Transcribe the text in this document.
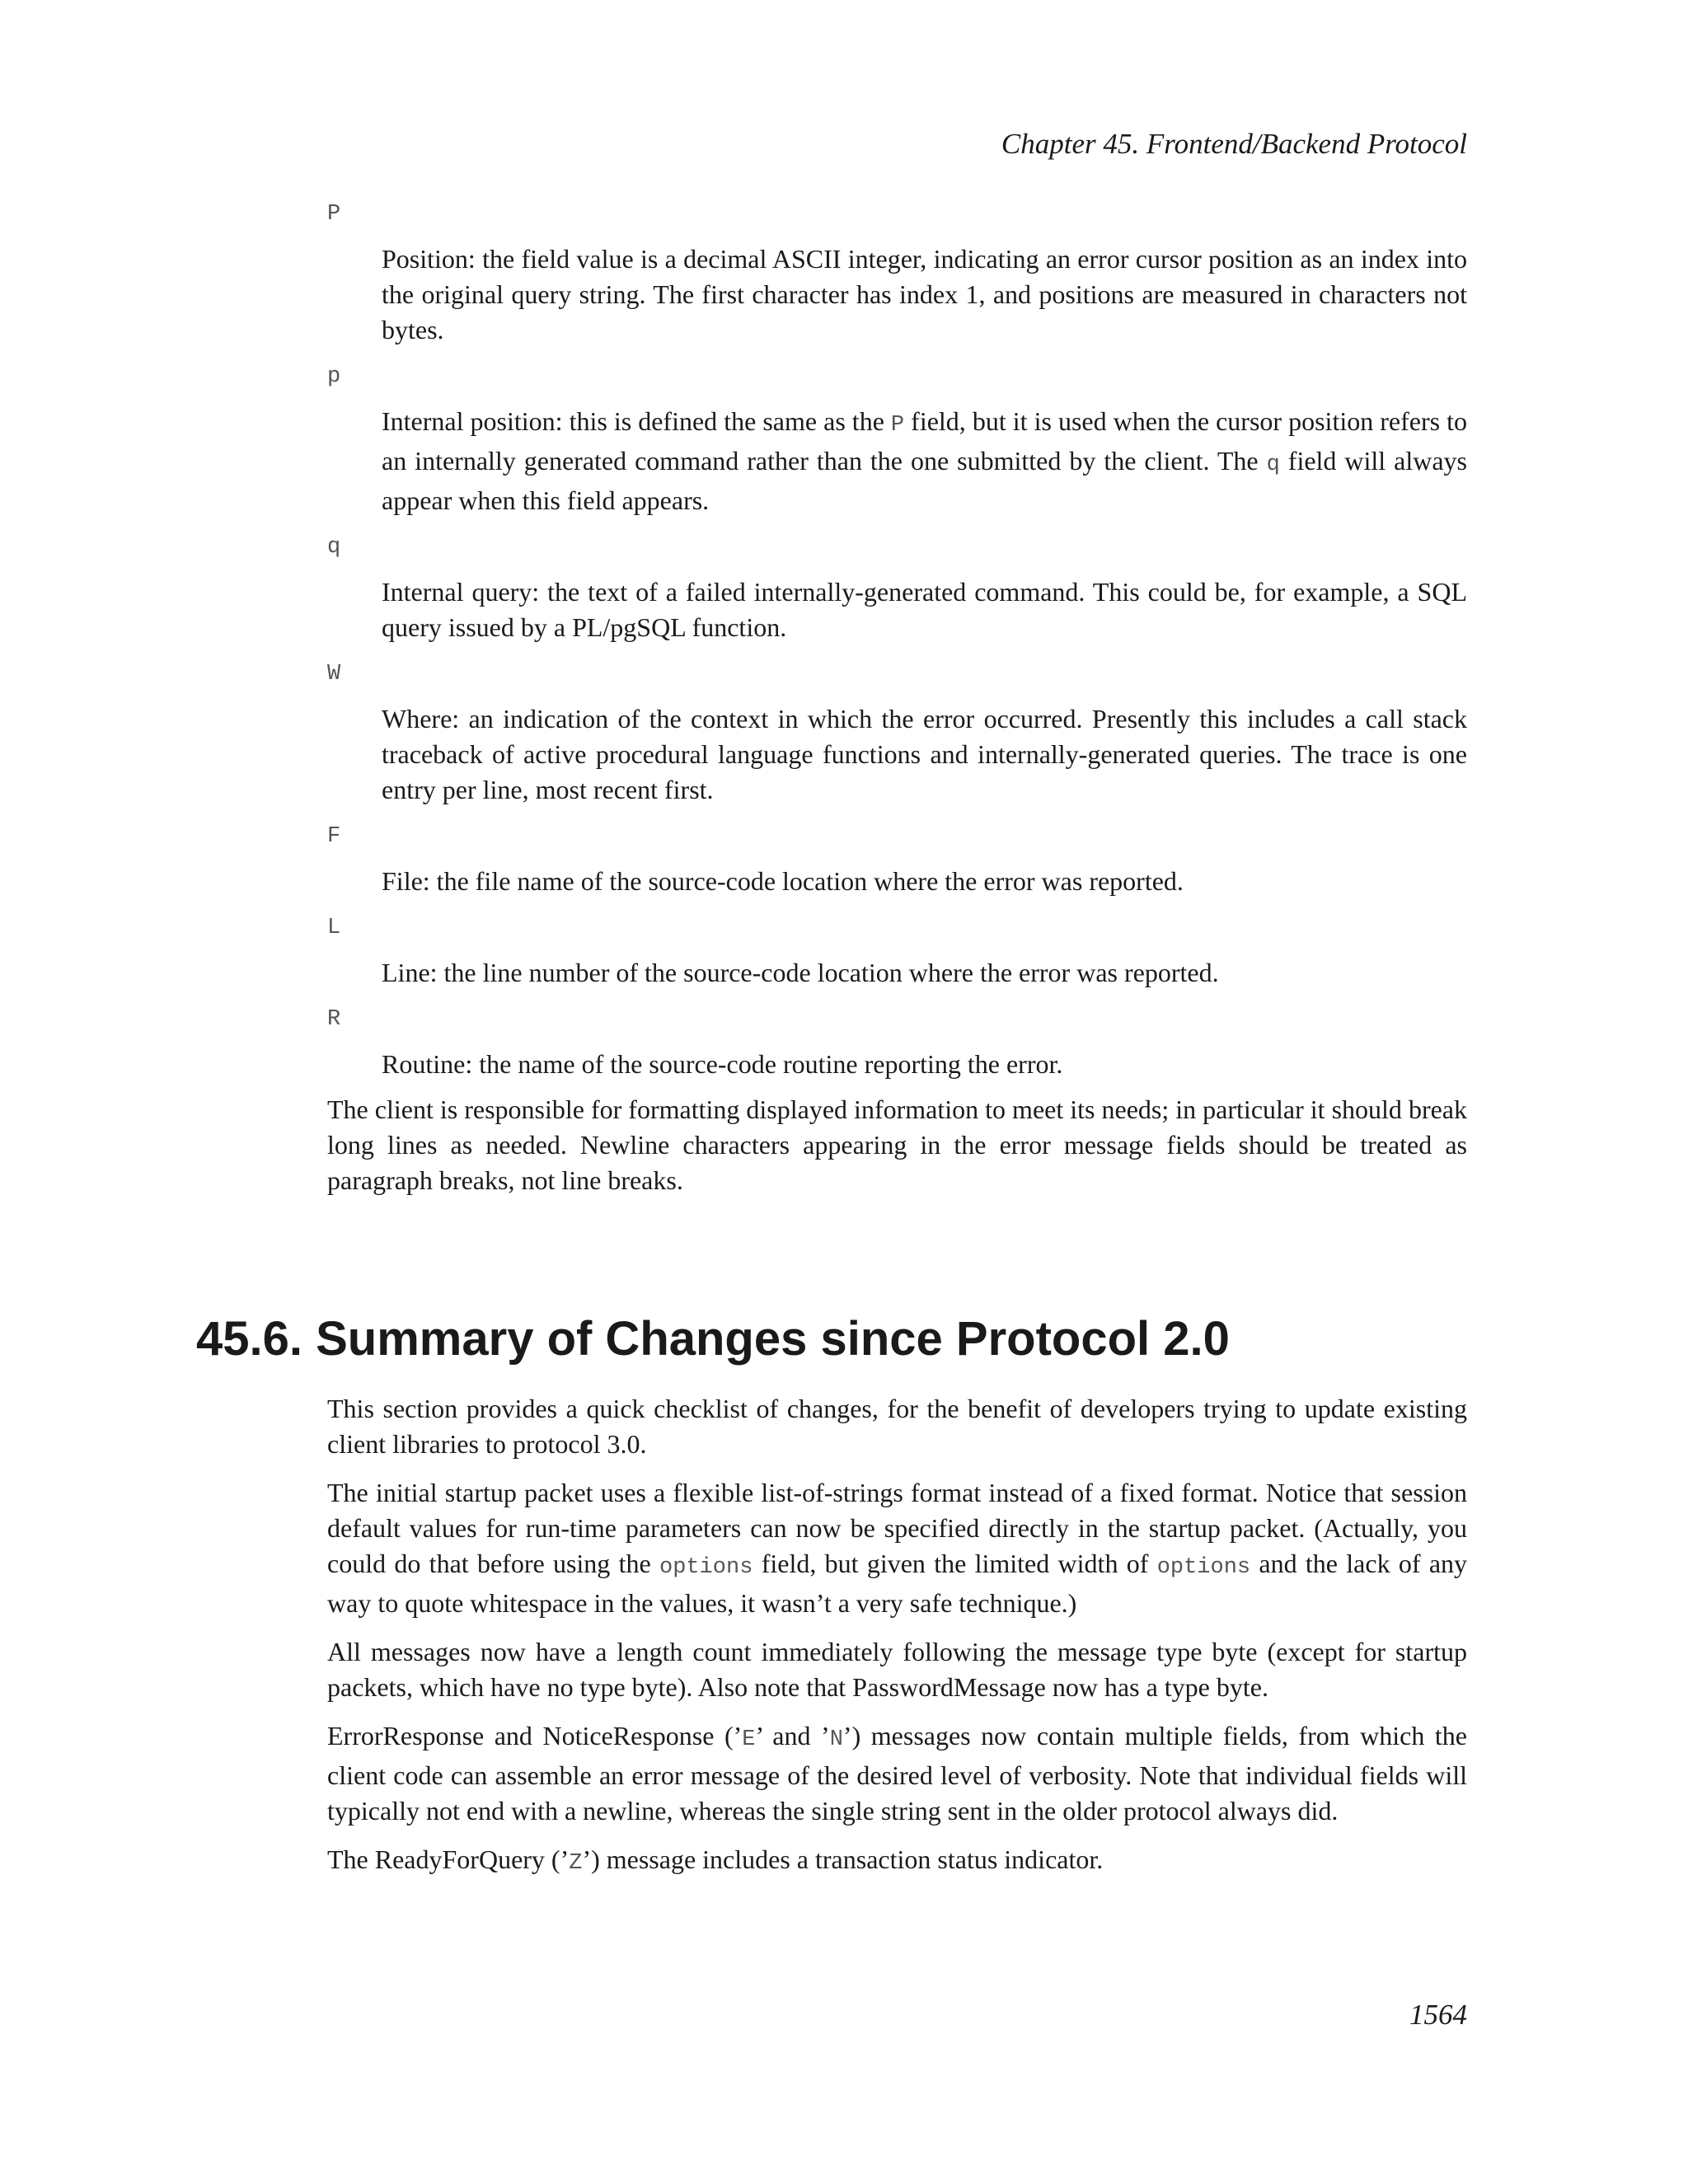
Chapter 45. Frontend/Backend Protocol
P

Position: the field value is a decimal ASCII integer, indicating an error cursor position as an index into the original query string. The first character has index 1, and positions are measured in characters not bytes.

p

Internal position: this is defined the same as the P field, but it is used when the cursor position refers to an internally generated command rather than the one submitted by the client. The q field will always appear when this field appears.

q

Internal query: the text of a failed internally-generated command. This could be, for example, a SQL query issued by a PL/pgSQL function.

W

Where: an indication of the context in which the error occurred. Presently this includes a call stack traceback of active procedural language functions and internally-generated queries. The trace is one entry per line, most recent first.

F

File: the file name of the source-code location where the error was reported.

L

Line: the line number of the source-code location where the error was reported.

R

Routine: the name of the source-code routine reporting the error.

The client is responsible for formatting displayed information to meet its needs; in particular it should break long lines as needed. Newline characters appearing in the error message fields should be treated as paragraph breaks, not line breaks.

45.6. Summary of Changes since Protocol 2.0

This section provides a quick checklist of changes, for the benefit of developers trying to update existing client libraries to protocol 3.0.

The initial startup packet uses a flexible list-of-strings format instead of a fixed format. Notice that session default values for run-time parameters can now be specified directly in the startup packet. (Actually, you could do that before using the options field, but given the limited width of options and the lack of any way to quote whitespace in the values, it wasn’t a very safe technique.)

All messages now have a length count immediately following the message type byte (except for startup packets, which have no type byte). Also note that PasswordMessage now has a type byte.

ErrorResponse and NoticeResponse (’E’ and ’N’) messages now contain multiple fields, from which the client code can assemble an error message of the desired level of verbosity. Note that individual fields will typically not end with a newline, whereas the single string sent in the older protocol always did.

The ReadyForQuery (’Z’) message includes a transaction status indicator.

1564
